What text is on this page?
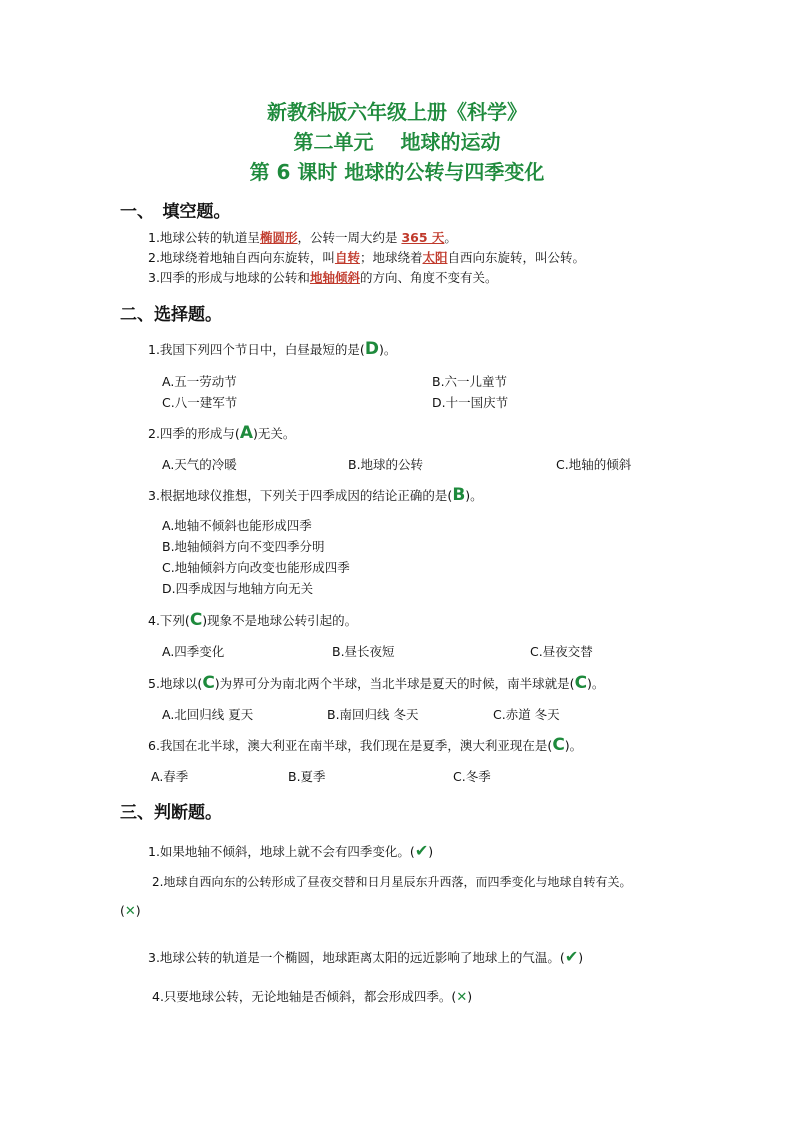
新教科版六年级上册《科学》
第二单元　 地球的运动
第 6 课时 地球的公转与四季变化
一、　填空题。
1.地球公转的轨道呈椭圆形，公转一周大约是 365 天。
2.地球绕着地轴自西向东旋转，叫自转；地球绕着太阳自西向东旋转，叫公转。
3.四季的形成与地球的公转和地轴倾斜的方向、角度不变有关。
二、选择题。
1.我国下列四个节日中，白昼最短的是(D)。
A.五一劳动节	B.六一儿童节
C.八一建军节	D.十一国庆节
2.四季的形成与(A)无关。
A.天气的冷暖	B.地球的公转	C.地轴的倾斜
3.根据地球仪推想，下列关于四季成因的结论正确的是(B)。
A.地轴不倾斜也能形成四季
B.地轴倾斜方向不变四季分明
C.地轴倾斜方向改变也能形成四季
D.四季成因与地轴方向无关
4.下列(C)现象不是地球公转引起的。
A.四季变化	B.昼长夜短	C.昼夜交替
5.地球以(C)为界可分为南北两个半球，当北半球是夏天的时候，南半球就是(C)。
A.北回归线 夏天	B.南回归线 冬天	C.赤道 冬天
6.我国在北半球，澳大利亚在南半球，我们现在是夏季，澳大利亚现在是(C)。
A.春季	B.夏季	C.冬季
三、判断题。
1.如果地轴不倾斜，地球上就不会有四季变化。(✔)
2.地球自西向东的公转形成了昼夜交替和日月星辰东升西落，而四季变化与地球自转有关。
(✕)
3.地球公转的轨道是一个椭圆，地球距离太阳的远近影响了地球上的气温。(✔)
4.只要地球公转，无论地轴是否倾斜，都会形成四季。(✕)
